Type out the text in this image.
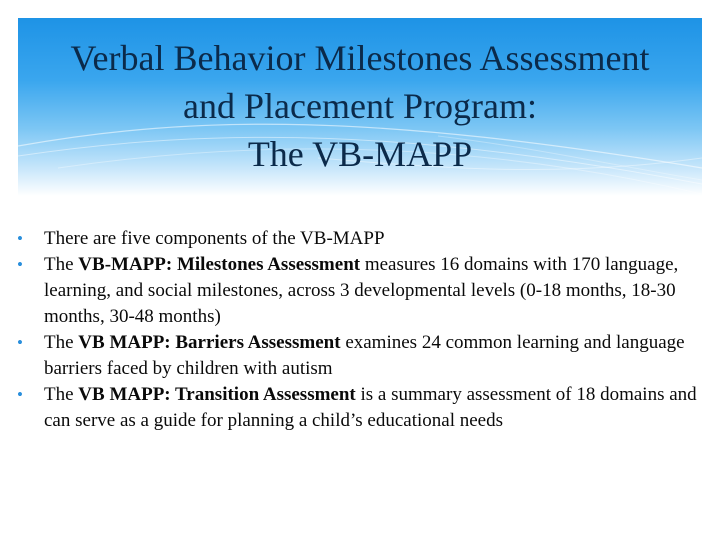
Verbal Behavior Milestones Assessment
and Placement Program:
The VB-MAPP
• There are five components of the VB-MAPP
• The VB-MAPP: Milestones Assessment measures 16 domains with 170 language, learning, and social milestones, across 3 developmental levels (0-18 months, 18-30 months, 30-48 months)
• The VB MAPP: Barriers Assessment examines 24 common learning and language barriers faced by children with autism
• The VB MAPP: Transition Assessment is a summary assessment of 18 domains and can serve as a guide for planning a child’s educational needs
